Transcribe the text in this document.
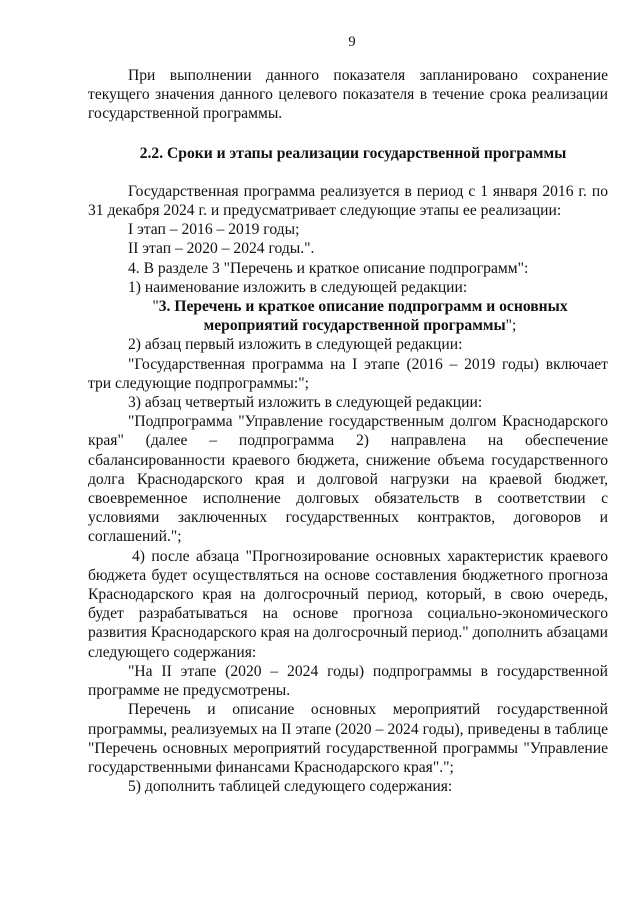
9

При выполнении данного показателя запланировано сохранение текущего значения данного целевого показателя в течение срока реализации государственной программы.

2.2. Сроки и этапы реализации государственной программы

Государственная программа реализуется в период с 1 января 2016 г. по 31 декабря 2024 г. и предусматривает следующие этапы ее реализации:

I этап – 2016 – 2019 годы;

II этап – 2020 – 2024 годы.".

4. В разделе 3 "Перечень и краткое описание подпрограмм":

1) наименование изложить в следующей редакции:

"3. Перечень и краткое описание подпрограмм и основных мероприятий государственной программы";

2) абзац первый изложить в следующей редакции:

"Государственная программа на I этапе (2016 – 2019 годы) включает три следующие подпрограммы:";

3) абзац четвертый изложить в следующей редакции:

"Подпрограмма "Управление государственным долгом Краснодарского края" (далее – подпрограмма 2) направлена на обеспечение сбалансированности краевого бюджета, снижение объема государственного долга Краснодарского края и долговой нагрузки на краевой бюджет, своевременное исполнение долговых обязательств в соответствии с условиями заключенных государственных контрактов, договоров и соглашений.";

4) после абзаца "Прогнозирование основных характеристик краевого бюджета будет осуществляться на основе составления бюджетного прогноза Краснодарского края на долгосрочный период, который, в свою очередь, будет разрабатываться на основе прогноза социально-экономического развития Краснодарского края на долгосрочный период." дополнить абзацами следующего содержания:

"На II этапе (2020 – 2024 годы) подпрограммы в государственной программе не предусмотрены.

Перечень и описание основных мероприятий государственной программы, реализуемых на II этапе (2020 – 2024 годы), приведены в таблице "Перечень основных мероприятий государственной программы "Управление государственными финансами Краснодарского края".";

5) дополнить таблицей следующего содержания:
